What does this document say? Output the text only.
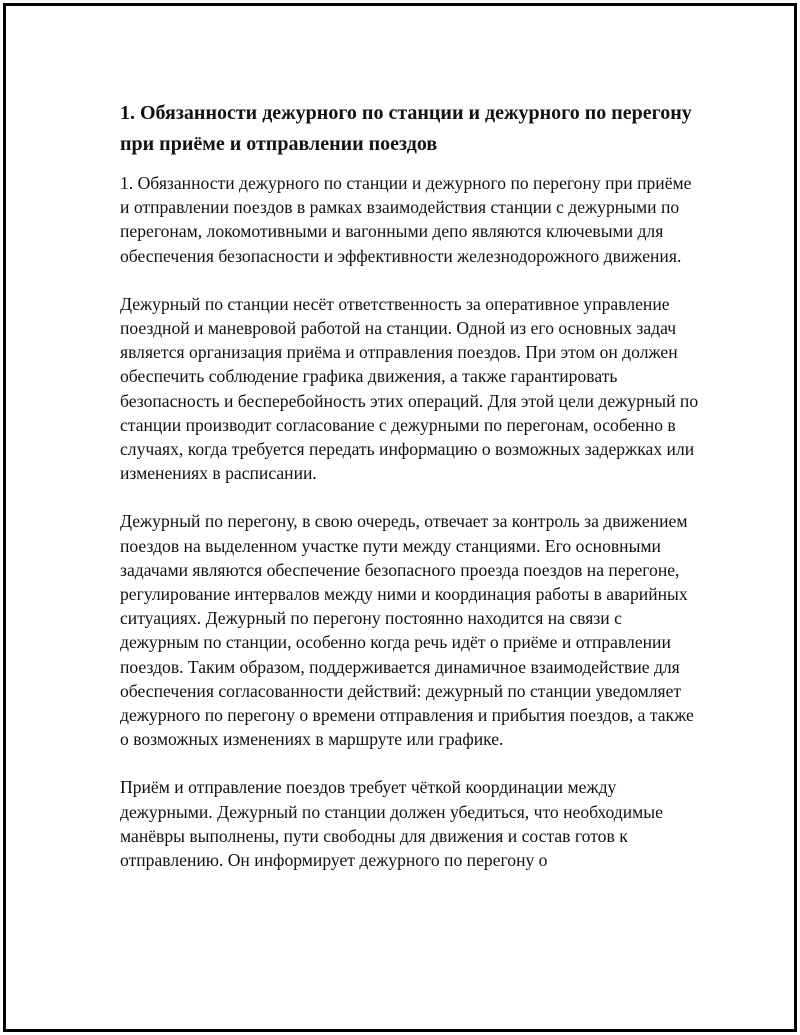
1. Обязанности дежурного по станции и дежурного по перегону при приёме и отправлении поездов

1. Обязанности дежурного по станции и дежурного по перегону при приёме и отправлении поездов в рамках взаимодействия станции с дежурными по перегонам, локомотивными и вагонными депо являются ключевыми для обеспечения безопасности и эффективности железнодорожного движения.

Дежурный по станции несёт ответственность за оперативное управление поездной и маневровой работой на станции. Одной из его основных задач является организация приёма и отправления поездов. При этом он должен обеспечить соблюдение графика движения, а также гарантировать безопасность и бесперебойность этих операций. Для этой цели дежурный по станции производит согласование с дежурными по перегонам, особенно в случаях, когда требуется передать информацию о возможных задержках или изменениях в расписании.

Дежурный по перегону, в свою очередь, отвечает за контроль за движением поездов на выделенном участке пути между станциями. Его основными задачами являются обеспечение безопасного проезда поездов на перегоне, регулирование интервалов между ними и координация работы в аварийных ситуациях. Дежурный по перегону постоянно находится на связи с дежурным по станции, особенно когда речь идёт о приёме и отправлении поездов. Таким образом, поддерживается динамичное взаимодействие для обеспечения согласованности действий: дежурный по станции уведомляет дежурного по перегону о времени отправления и прибытия поездов, а также о возможных изменениях в маршруте или графике.

Приём и отправление поездов требует чёткой координации между дежурными. Дежурный по станции должен убедиться, что необходимые манёвры выполнены, пути свободны для движения и состав готов к отправлению. Он информирует дежурного по перегону о
